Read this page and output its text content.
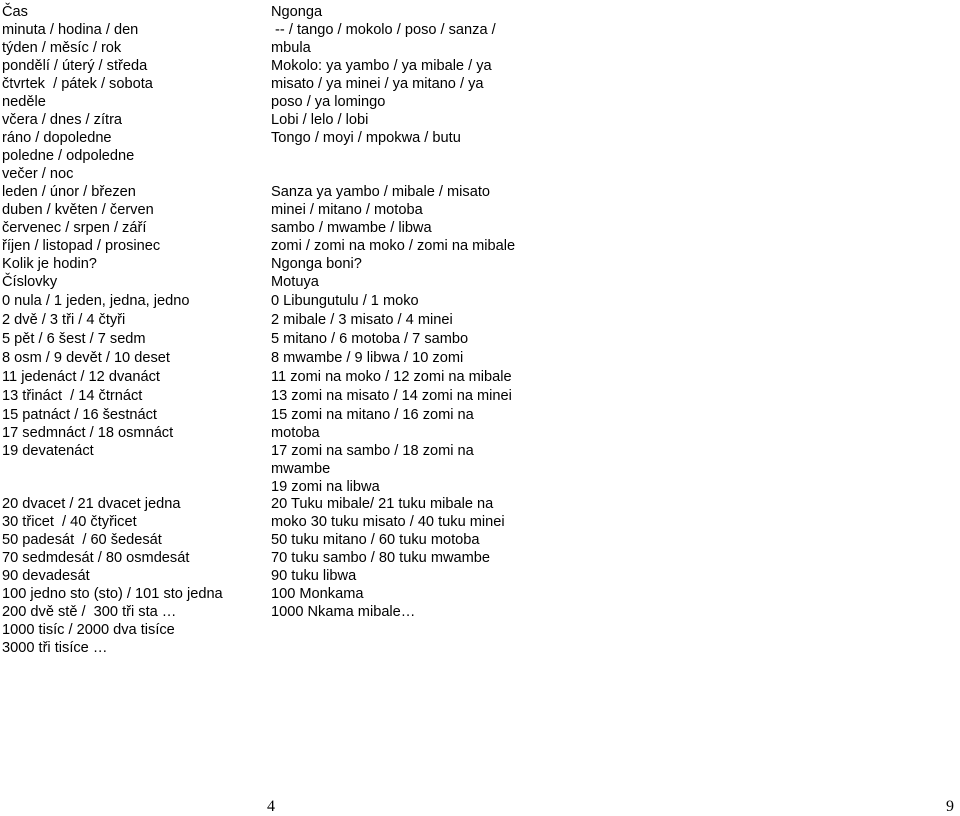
Čas
minuta / hodina / den
týden / měsíc / rok
pondělí / úterý / středa
čtvrtek  / pátek / sobota
neděle
včera / dnes / zítra
ráno / dopoledne
poledne / odpoledne
večer / noc
leden / únor / březen
duben / květen / červen
červenec / srpen / září
říjen / listopad / prosinec
Kolik je hodin?
Číslovky
0 nula / 1 jeden, jedna, jedno
2 dvě / 3 tři / 4 čtyři
5 pět / 6 šest / 7 sedm
8 osm / 9 devět / 10 deset
11 jedenáct / 12 dvanáct
13 třináct  / 14 čtrnáct
15 patnáct / 16 šestnáct
17 sedmnáct / 18 osmnáct
19 devatenáct
20 dvacet / 21 dvacet jedna
30 třicet  / 40 čtyřicet
50 padesát  / 60 šedesát
70 sedmdesát / 80 osmdesát
90 devadesát
100 jedno sto (sto) / 101 sto jedna
200 dvě stě /  300 tři sta …
1000 tisíc / 2000 dva tisíce
3000 tři tisíce …
Ngonga
-- / tango / mokolo / poso / sanza /
mbula
Mokolo: ya yambo / ya mibale / ya
misato / ya minei / ya mitano / ya
poso / ya lomingo
Lobi / lelo / lobi
Tongo / moyi / mpokwa / butu
Sanza ya yambo / mibale / misato
minei / mitano / motoba
sambo / mwambe / libwa
zomi / zomi na moko / zomi na mibale
Ngonga boni?
Motuya
0 Libungutulu / 1 moko
2 mibale / 3 misato / 4 minei
5 mitano / 6 motoba / 7 sambo
8 mwambe / 9 libwa / 10 zomi
11 zomi na moko / 12 zomi na mibale
13 zomi na misato / 14 zomi na minei
15 zomi na mitano / 16 zomi na
motoba
17 zomi na sambo / 18 zomi na
mwambe
19 zomi na libwa
20 Tuku mibale/ 21 tuku mibale na
moko 30 tuku misato / 40 tuku minei
50 tuku mitano / 60 tuku motoba
70 tuku sambo / 80 tuku mwambe
90 tuku libwa
100 Monkama
1000 Nkama mibale…
4	9
